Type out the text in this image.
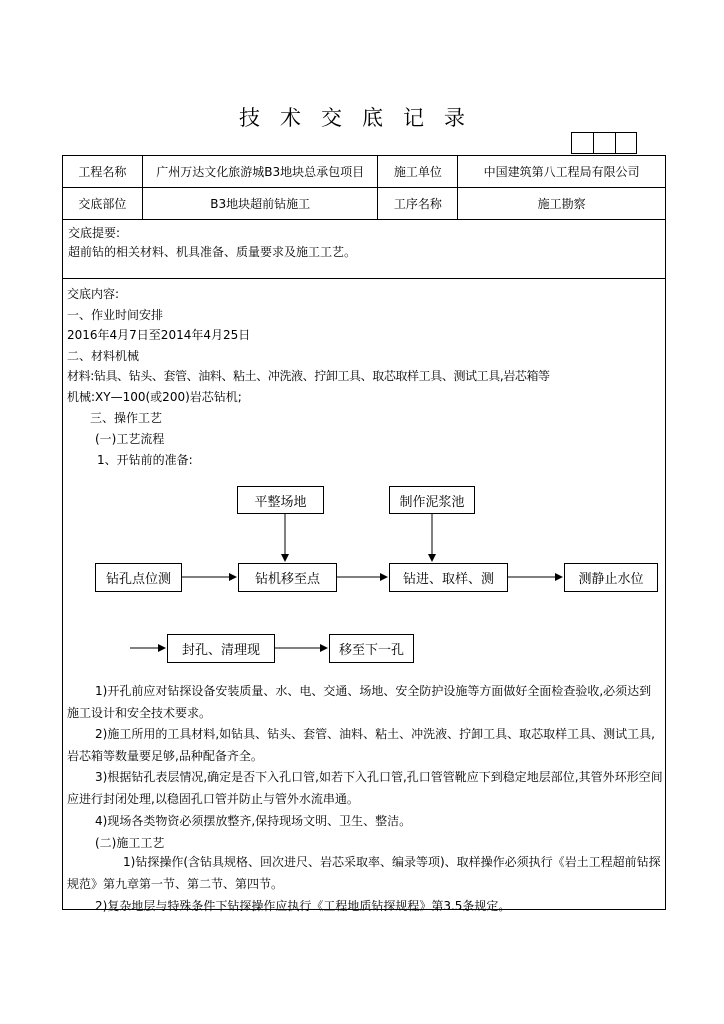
技术交底记录
工程名称	广州万达文化旅游城B3地块总承包项目	施工单位	中国建筑第八工程局有限公司
交底部位	B3地块超前钻施工	工序名称	施工勘察
交底提要:
超前钻的相关材料、机具准备、质量要求及施工工艺。
交底内容:
一、作业时间安排
2016年4月7日至2014年4月25日
二、材料机械
材料:钻具、钻头、套管、油料、粘土、冲洗液、拧卸工具、取芯取样工具、测试工具,岩芯箱等
机械:XY—100(或200)岩芯钻机;
三、操作工艺
(一)工艺流程
1、开钻前的准备:
平整场地	制作泥浆池
钻孔点位测	钻机移至点	钻进、取样、测	测静止水位
封孔、清理现	移至下一孔
1)开孔前应对钻探设备安装质量、水、电、交通、场地、安全防护设施等方面做好全面检查验收,必须达到施工设计和安全技术要求。
2)施工所用的工具材料,如钻具、钻头、套管、油料、粘土、冲洗液、拧卸工具、取芯取样工具、测试工具,岩芯箱等数量要足够,品种配备齐全。
3)根据钻孔表层情况,确定是否下入孔口管,如若下入孔口管,孔口管管靴应下到稳定地层部位,其管外环形空间应进行封闭处理,以稳固孔口管并防止与管外水流串通。
4)现场各类物资必须摆放整齐,保持现场文明、卫生、整洁。
(二)施工工艺
1)钻探操作(含钻具规格、回次进尺、岩芯采取率、编录等项)、取样操作必须执行《岩土工程超前钻探规范》第九章第一节、第二节、第四节。
2)复杂地层与特殊条件下钻探操作应执行《工程地质钻探规程》第3.5条规定。
